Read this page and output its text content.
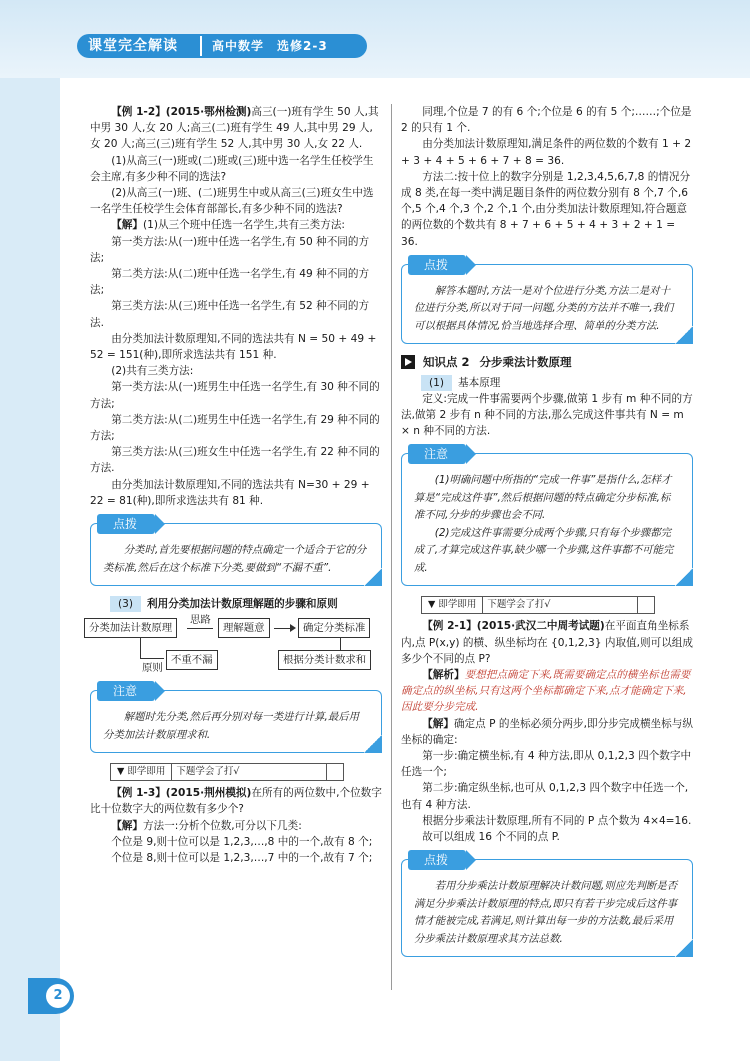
课堂完全解读	高中数学　选修2-3

【例 1-2】(2015·鄂州检测)高三(一)班有学生 50 人,其中男 30 人,女 20 人;高三(二)班有学生 49 人,其中男 29 人,女 20 人;高三(三)班有学生 52 人,其中男 30 人,女 22 人.

(1)从高三(一)班或(二)班或(三)班中选一名学生任校学生会主席,有多少种不同的选法?

(2)从高三(一)班、(二)班男生中或从高三(三)班女生中选一名学生任校学生会体育部部长,有多少种不同的选法?

【解】(1)从三个班中任选一名学生,共有三类方法:

第一类方法:从(一)班中任选一名学生,有 50 种不同的方法;

第二类方法:从(二)班中任选一名学生,有 49 种不同的方法;

第三类方法:从(三)班中任选一名学生,有 52 种不同的方法.

由分类加法计数原理知,不同的选法共有 N = 50 + 49 + 52 = 151(种),即所求选法共有 151 种.

(2)共有三类方法:

第一类方法:从(一)班男生中任选一名学生,有 30 种不同的方法;

第二类方法:从(二)班男生中任选一名学生,有 29 种不同的方法;

第三类方法:从(三)班女生中任选一名学生,有 22 种不同的方法.

由分类加法计数原理知,不同的选法共有 N=30 + 29 + 22 = 81(种),即所求选法共有 81 种.

点拨

分类时,首先要根据问题的特点确定一个适合于它的分类标准,然后在这个标准下分类,要做到“不漏不重”.

(3) 利用分类加法计数原理解题的步骤和原则

分类加法计数原理
思路
理解题意	确定分类标准
原则
不重不漏	根据分类计数求和
注意

解题时先分类,然后再分别对每一类进行计算,最后用分类加法计数原理求和.

▼ 即学即用	下题学会了打√

【例 1-3】(2015·荆州模拟)在所有的两位数中,个位数字比十位数字大的两位数有多少个?

【解】方法一:分析个位数,可分以下几类:

个位是 9,则十位可以是 1,2,3,…,8 中的一个,故有 8 个;

个位是 8,则十位可以是 1,2,3,…,7 中的一个,故有 7 个;

同理,个位是 7 的有 6 个;个位是 6 的有 5 个;……;个位是 2 的只有 1 个.

由分类加法计数原理知,满足条件的两位数的个数有 1 + 2 + 3 + 4 + 5 + 6 + 7 + 8 = 36.

方法二:按十位上的数字分别是 1,2,3,4,5,6,7,8 的情况分成 8 类,在每一类中满足题目条件的两位数分别有 8 个,7 个,6 个,5 个,4 个,3 个,2 个,1 个,由分类加法计数原理知,符合题意的两位数的个数共有 8 + 7 + 6 + 5 + 4 + 3 + 2 + 1 = 36.

点拨

解答本题时,方法一是对个位进行分类,方法二是对十位进行分类,所以对于同一问题,分类的方法并不唯一,我们可以根据具体情况,恰当地选择合理、简单的分类方法.

知识点 2 分步乘法计数原理

(1) 基本原理

定义:完成一件事需要两个步骤,做第 1 步有 m 种不同的方法,做第 2 步有 n 种不同的方法,那么完成这件事共有 N = m × n 种不同的方法.

注意

(1)明确问题中所指的“完成一件事”是指什么,怎样才算是“完成这件事”,然后根据问题的特点确定分步标准,标准不同,分步的步骤也会不同.

(2)完成这件事需要分成两个步骤,只有每个步骤都完成了,才算完成这件事,缺少哪一个步骤,这件事都不可能完成.

▼ 即学即用	下题学会了打√

【例 2-1】(2015·武汉二中周考试题)在平面直角坐标系内,点 P(x,y) 的横、纵坐标均在 {0,1,2,3} 内取值,则可以组成多少个不同的点 P?

【解析】要想把点确定下来,既需要确定点的横坐标也需要确定点的纵坐标,只有这两个坐标都确定下来,点才能确定下来,因此要分步完成.

【解】确定点 P 的坐标必须分两步,即分步完成横坐标与纵坐标的确定:

第一步:确定横坐标,有 4 种方法,即从 0,1,2,3 四个数字中任选一个;

第二步:确定纵坐标,也可从 0,1,2,3 四个数字中任选一个,也有 4 种方法.

根据分步乘法计数原理,所有不同的 P 点个数为 4×4=16.

故可以组成 16 个不同的点 P.

点拨

若用分步乘法计数原理解决计数问题,则应先判断是否满足分步乘法计数原理的特点,即只有若干步完成后这件事情才能被完成,若满足,则计算出每一步的方法数,最后采用分步乘法计数原理求其方法总数.

2
